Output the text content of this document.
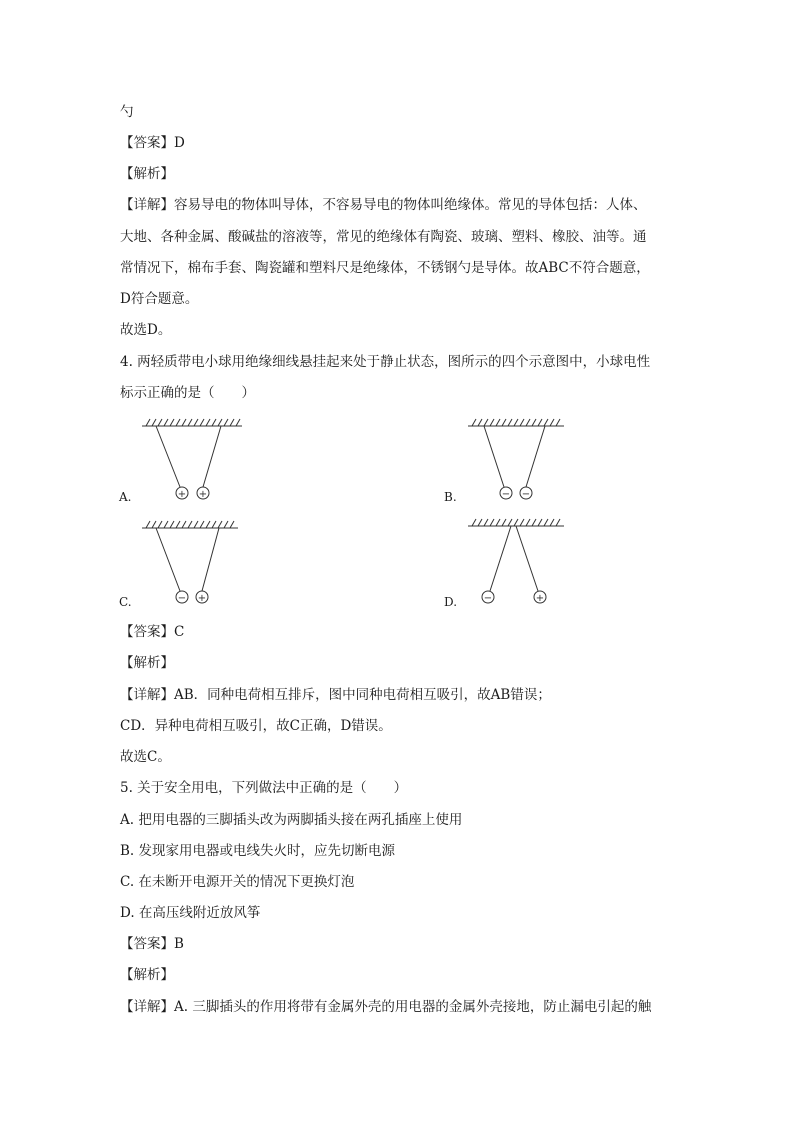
勺
【答案】D
【解析】
【详解】容易导电的物体叫导体，不容易导电的物体叫绝缘体。常见的导体包括：人体、
大地、各种金属、酸碱盐的溶液等，常见的绝缘体有陶瓷、玻璃、塑料、橡胶、油等。通
常情况下，棉布手套、陶瓷罐和塑料尺是绝缘体，不锈钢勺是导体。故ABC不符合题意，
D符合题意。
故选D。
4. 两轻质带电小球用绝缘细线悬挂起来处于静止状态，图所示的四个示意图中，小球电性
标示正确的是（　　）
A.	+ +	B.	− −
C.	− +	D.	−	+
【答案】C
【解析】
【详解】AB．同种电荷相互排斥，图中同种电荷相互吸引，故AB错误；
CD．异种电荷相互吸引，故C正确，D错误。
故选C。
5. 关于安全用电，下列做法中正确的是（　　）
A. 把用电器的三脚插头改为两脚插头接在两孔插座上使用
B. 发现家用电器或电线失火时，应先切断电源
C. 在未断开电源开关的情况下更换灯泡
D. 在高压线附近放风筝
【答案】B
【解析】
【详解】A. 三脚插头的作用将带有金属外壳的用电器的金属外壳接地，防止漏电引起的触
